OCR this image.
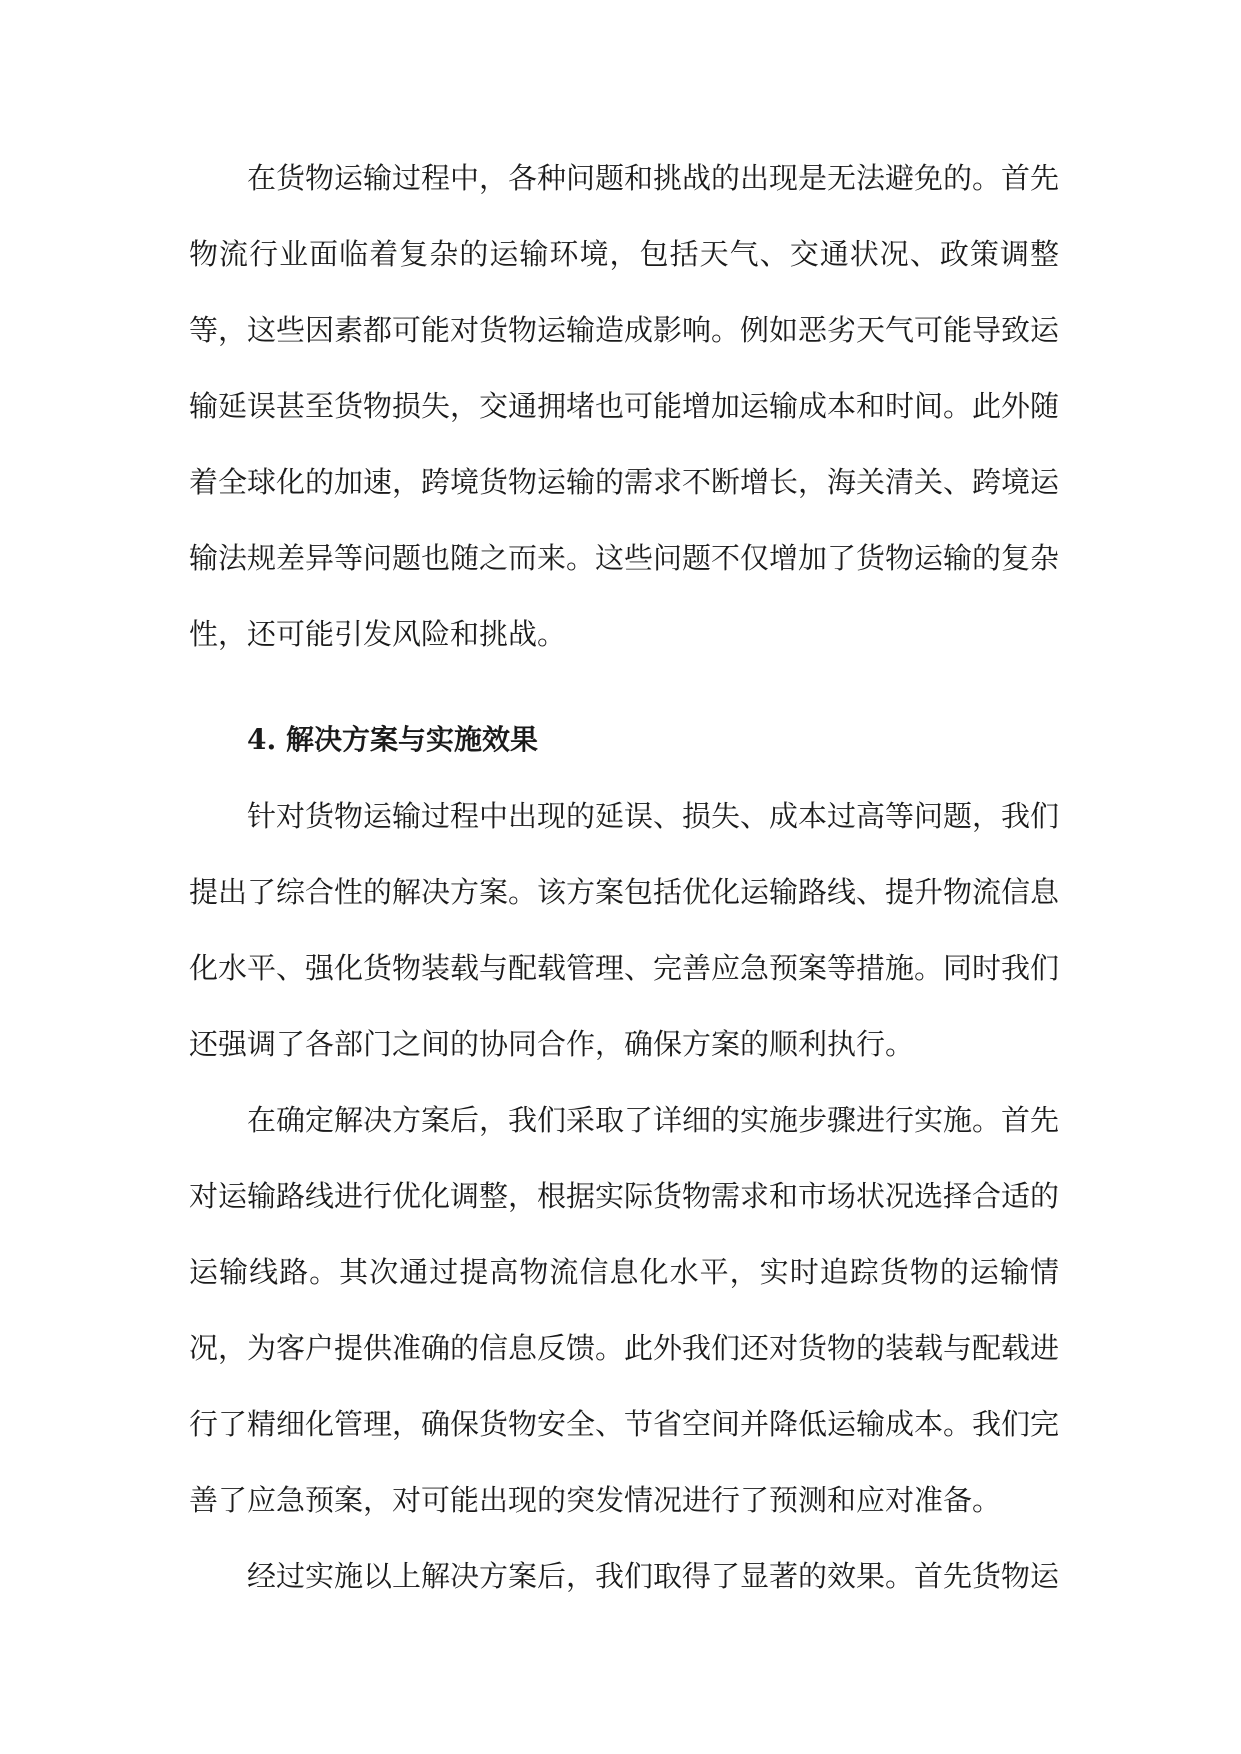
在货物运输过程中，各种问题和挑战的出现是无法避免的。首先物流行业面临着复杂的运输环境，包括天气、交通状况、政策调整等，这些因素都可能对货物运输造成影响。例如恶劣天气可能导致运输延误甚至货物损失，交通拥堵也可能增加运输成本和时间。此外随着全球化的加速，跨境货物运输的需求不断增长，海关清关、跨境运输法规差异等问题也随之而来。这些问题不仅增加了货物运输的复杂性，还可能引发风险和挑战。

4. 解决方案与实施效果

针对货物运输过程中出现的延误、损失、成本过高等问题，我们提出了综合性的解决方案。该方案包括优化运输路线、提升物流信息化水平、强化货物装载与配载管理、完善应急预案等措施。同时我们还强调了各部门之间的协同合作，确保方案的顺利执行。

在确定解决方案后，我们采取了详细的实施步骤进行实施。首先对运输路线进行优化调整，根据实际货物需求和市场状况选择合适的运输线路。其次通过提高物流信息化水平，实时追踪货物的运输情况，为客户提供准确的信息反馈。此外我们还对货物的装载与配载进行了精细化管理，确保货物安全、节省空间并降低运输成本。我们完善了应急预案，对可能出现的突发情况进行了预测和应对准备。

经过实施以上解决方案后，我们取得了显著的效果。首先货物运
